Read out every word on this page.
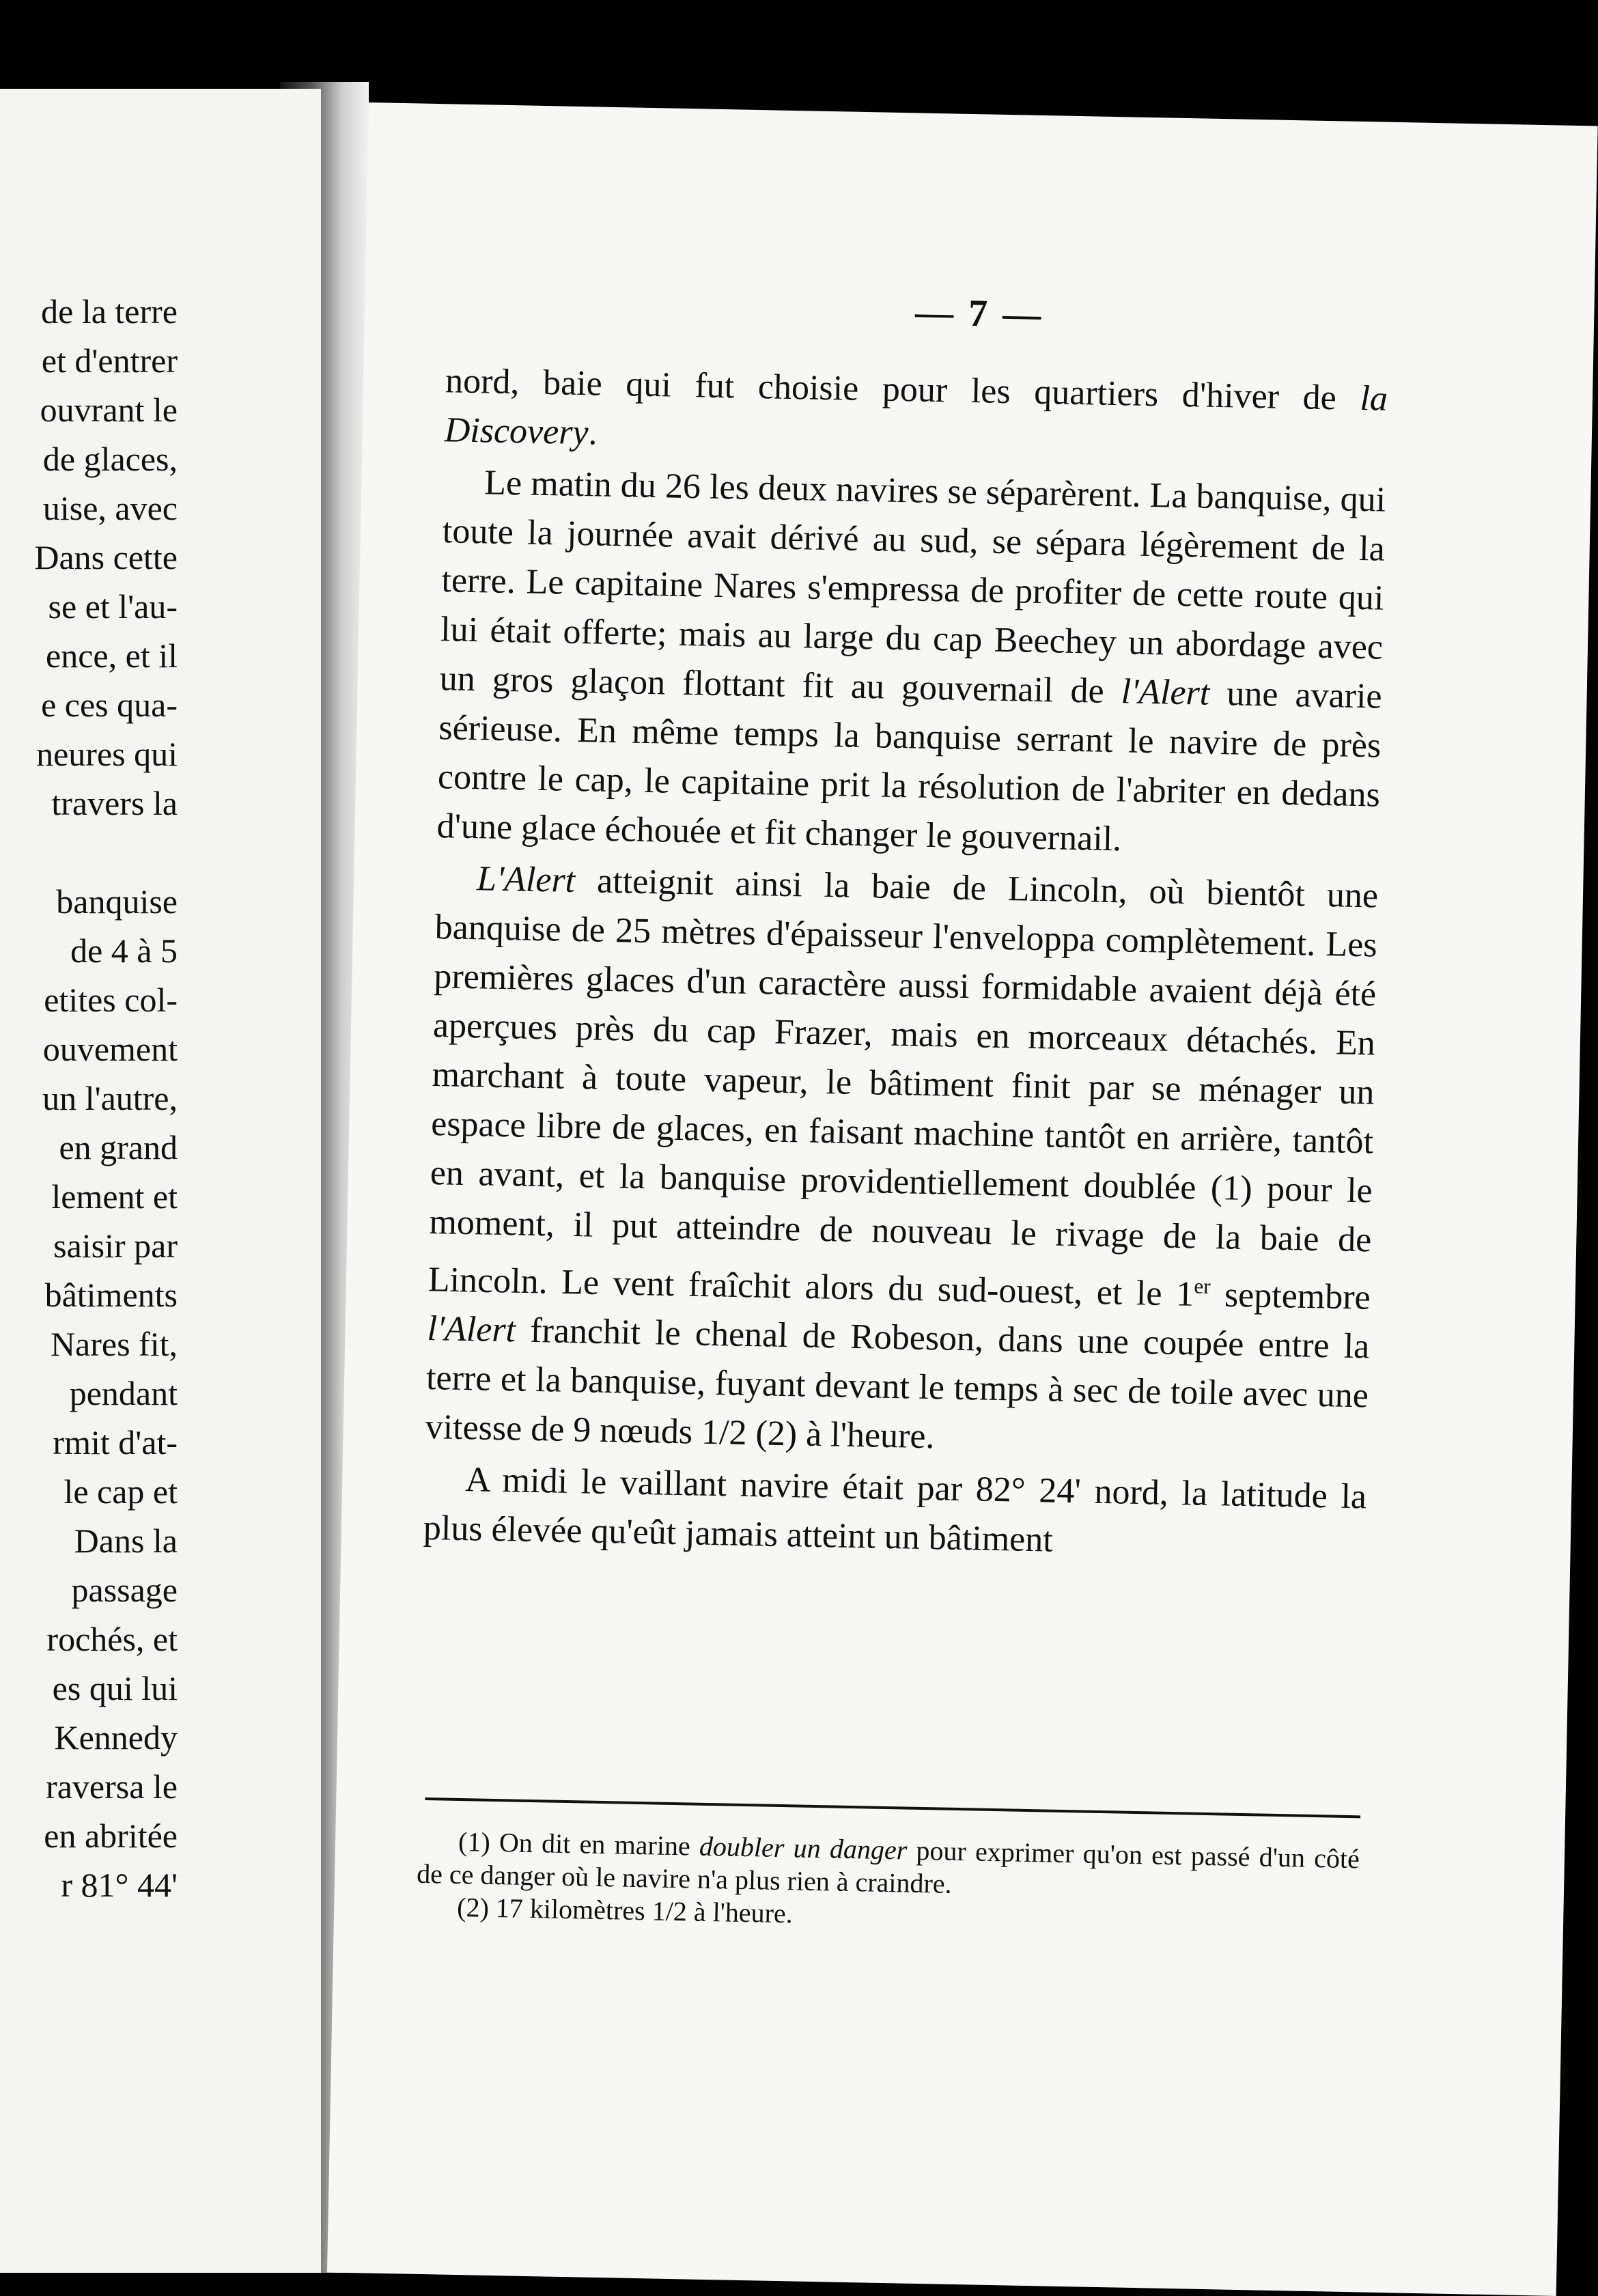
de la terre
et d'entrer
ouvrant le
de glaces,
uise, avec
Dans cette
se et l'au-
ence, et il
e ces qua-
neures qui
travers la
banquise
de 4 à 5
etites col-
ouvement
un l'autre,
en grand
lement et
saisir par
bâtiments
Nares fit,
pendant
rmit d'at-
le cap et
Dans la
passage
rochés, et
es qui lui
Kennedy
raversa le
en abritée
r 81° 44'
— 7 —

nord, baie qui fut choisie pour les quartiers d'hiver de la Discovery.

Le matin du 26 les deux navires se séparèrent. La banquise, qui toute la journée avait dérivé au sud, se sépara légèrement de la terre. Le capitaine Nares s'empressa de profiter de cette route qui lui était offerte; mais au large du cap Beechey un abordage avec un gros glaçon flottant fit au gouvernail de l'Alert une avarie sérieuse. En même temps la banquise serrant le navire de près contre le cap, le capitaine prit la résolution de l'abriter en dedans d'une glace échouée et fit changer le gouvernail.

L'Alert atteignit ainsi la baie de Lincoln, où bientôt une banquise de 25 mètres d'épaisseur l'enveloppa complètement. Les premières glaces d'un caractère aussi formidable avaient déjà été aperçues près du cap Frazer, mais en morceaux détachés. En marchant à toute vapeur, le bâtiment finit par se ménager un espace libre de glaces, en faisant machine tantôt en arrière, tantôt en avant, et la banquise providentiellement doublée (1) pour le moment, il put atteindre de nouveau le rivage de la baie de Lincoln. Le vent fraîchit alors du sud-ouest, et le 1er septembre l'Alert franchit le chenal de Robeson, dans une coupée entre la terre et la banquise, fuyant devant le temps à sec de toile avec une vitesse de 9 nœuds 1/2 (2) à l'heure.

A midi le vaillant navire était par 82° 24' nord, la latitude la plus élevée qu'eût jamais atteint un bâtiment

(1) On dit en marine doubler un danger pour exprimer qu'on est passé d'un côté de ce danger où le navire n'a plus rien à craindre.

(2) 17 kilomètres 1/2 à l'heure.
